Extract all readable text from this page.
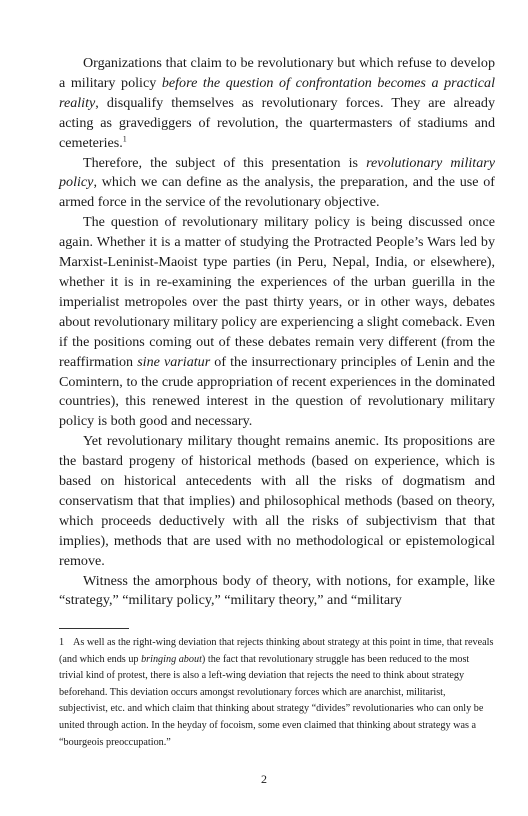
Organizations that claim to be revolutionary but which refuse to develop a military policy before the question of confrontation becomes a practical reality, disqualify themselves as revolutionary forces. They are already acting as gravediggers of revolution, the quartermasters of stadiums and cemeteries.$^1$

Therefore, the subject of this presentation is revolutionary military policy, which we can define as the analysis, the preparation, and the use of armed force in the service of the revolutionary objective.

The question of revolutionary military policy is being discussed once again. Whether it is a matter of studying the Protracted People’s Wars led by Marxist-Leninist-Maoist type parties (in Peru, Nepal, India, or elsewhere), whether it is in re-examining the experiences of the urban guerilla in the imperialist metropoles over the past thirty years, or in other ways, debates about revolutionary military policy are experiencing a slight comeback. Even if the positions coming out of these debates remain very different (from the reaffirmation sine variatur of the insurrectionary principles of Lenin and the Comintern, to the crude appropriation of recent experiences in the dominated countries), this renewed interest in the question of revolutionary military policy is both good and necessary.

Yet revolutionary military thought remains anemic. Its propositions are the bastard progeny of historical methods (based on experience, which is based on historical antecedents with all the risks of dogmatism and conservatism that that implies) and philosophical methods (based on theory, which proceeds deductively with all the risks of subjectivism that that implies), methods that are used with no methodological or epistemological remove.

Witness the amorphous body of theory, with notions, for example, like “strategy,” “military policy,” “military theory,” and “military

1 As well as the right-wing deviation that rejects thinking about strategy at this point in time, that reveals (and which ends up bringing about) the fact that revolutionary struggle has been reduced to the most trivial kind of protest, there is also a left-wing deviation that rejects the need to think about strategy beforehand. This deviation occurs amongst revolutionary forces which are anarchist, militarist, subjectivist, etc. and which claim that thinking about strategy “divides” revolutionaries who can only be united through action. In the heyday of focoism, some even claimed that thinking about strategy was a “bourgeois preoccupation.”

2
